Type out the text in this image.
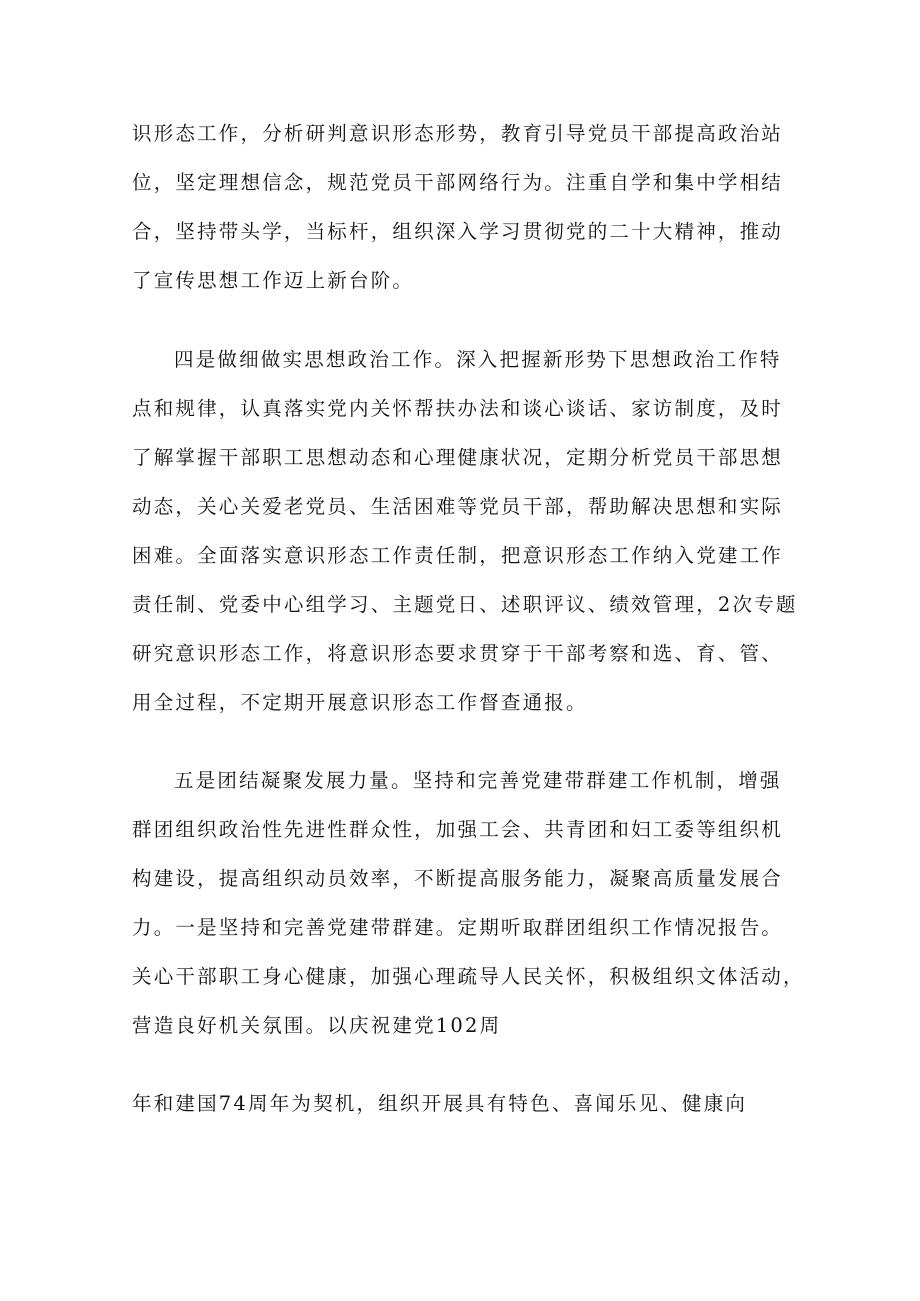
识形态工作，分析研判意识形态形势，教育引导党员干部提高政治站
位，坚定理想信念，规范党员干部网络行为。注重自学和集中学相结
合，坚持带头学，当标杆，组织深入学习贯彻党的二十大精神，推动
了宣传思想工作迈上新台阶。
四是做细做实思想政治工作。深入把握新形势下思想政治工作特
点和规律，认真落实党内关怀帮扶办法和谈心谈话、家访制度，及时
了解掌握干部职工思想动态和心理健康状况，定期分析党员干部思想
动态，关心关爱老党员、生活困难等党员干部，帮助解决思想和实际
困难。全面落实意识形态工作责任制，把意识形态工作纳入党建工作
责任制、党委中心组学习、主题党日、述职评议、绩效管理，2次专题
研究意识形态工作，将意识形态要求贯穿于干部考察和选、育、管、
用全过程，不定期开展意识形态工作督查通报。
五是团结凝聚发展力量。坚持和完善党建带群建工作机制，增强
群团组织政治性先进性群众性，加强工会、共青团和妇工委等组织机
构建设，提高组织动员效率，不断提高服务能力，凝聚高质量发展合
力。一是坚持和完善党建带群建。定期听取群团组织工作情况报告。
关心干部职工身心健康，加强心理疏导人民关怀，积极组织文体活动，
营造良好机关氛围。以庆祝建党102周
年和建国74周年为契机，组织开展具有特色、喜闻乐见、健康向
